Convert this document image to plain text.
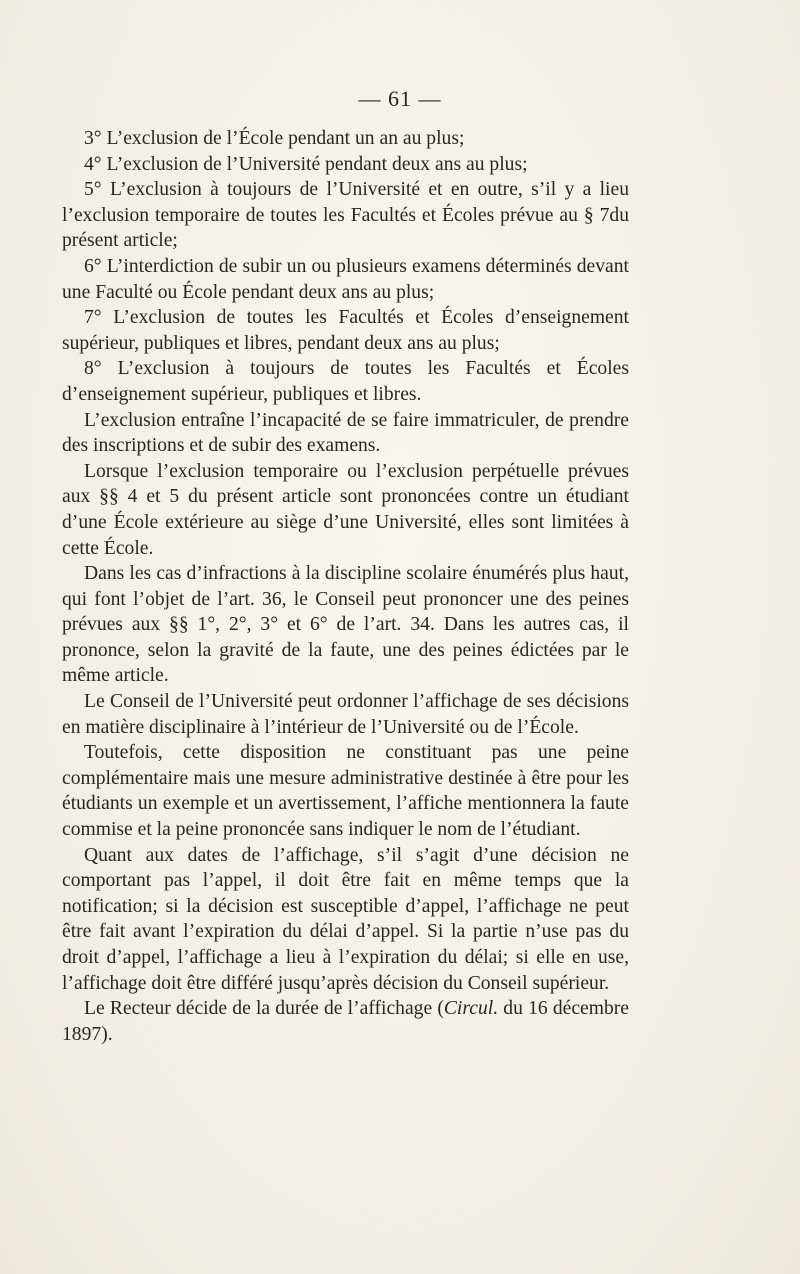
— 61 —

3° L’exclusion de l’École pendant un an au plus;

4° L’exclusion de l’Université pendant deux ans au plus;

5° L’exclusion à toujours de l’Université et en outre, s’il y a lieu l’exclusion temporaire de toutes les Facultés et Écoles prévue au § 7du présent article;

6° L’interdiction de subir un ou plusieurs examens déterminés devant une Faculté ou École pendant deux ans au plus;

7° L’exclusion de toutes les Facultés et Écoles d’enseignement supérieur, publiques et libres, pendant deux ans au plus;

8° L’exclusion à toujours de toutes les Facultés et Écoles d’enseignement supérieur, publiques et libres.

L’exclusion entraîne l’incapacité de se faire immatriculer, de prendre des inscriptions et de subir des examens.

Lorsque l’exclusion temporaire ou l’exclusion perpétuelle prévues aux §§ 4 et 5 du présent article sont prononcées contre un étudiant d’une École extérieure au siège d’une Université, elles sont limitées à cette École.

Dans les cas d’infractions à la discipline scolaire énumérés plus haut, qui font l’objet de l’art. 36, le Conseil peut prononcer une des peines prévues aux §§ 1°, 2°, 3° et 6° de l’art. 34. Dans les autres cas, il prononce, selon la gravité de la faute, une des peines édictées par le même article.

Le Conseil de l’Université peut ordonner l’affichage de ses décisions en matière disciplinaire à l’intérieur de l’Université ou de l’École.

Toutefois, cette disposition ne constituant pas une peine complémentaire mais une mesure administrative destinée à être pour les étudiants un exemple et un avertissement, l’affiche mentionnera la faute commise et la peine prononcée sans indiquer le nom de l’étudiant.

Quant aux dates de l’affichage, s’il s’agit d’une décision ne comportant pas l’appel, il doit être fait en même temps que la notification; si la décision est susceptible d’appel, l’affichage ne peut être fait avant l’expiration du délai d’appel. Si la partie n’use pas du droit d’appel, l’affichage a lieu à l’expiration du délai; si elle en use, l’affichage doit être différé jusqu’après décision du Conseil supérieur.

Le Recteur décide de la durée de l’affichage (Circul. du 16 décembre 1897).
